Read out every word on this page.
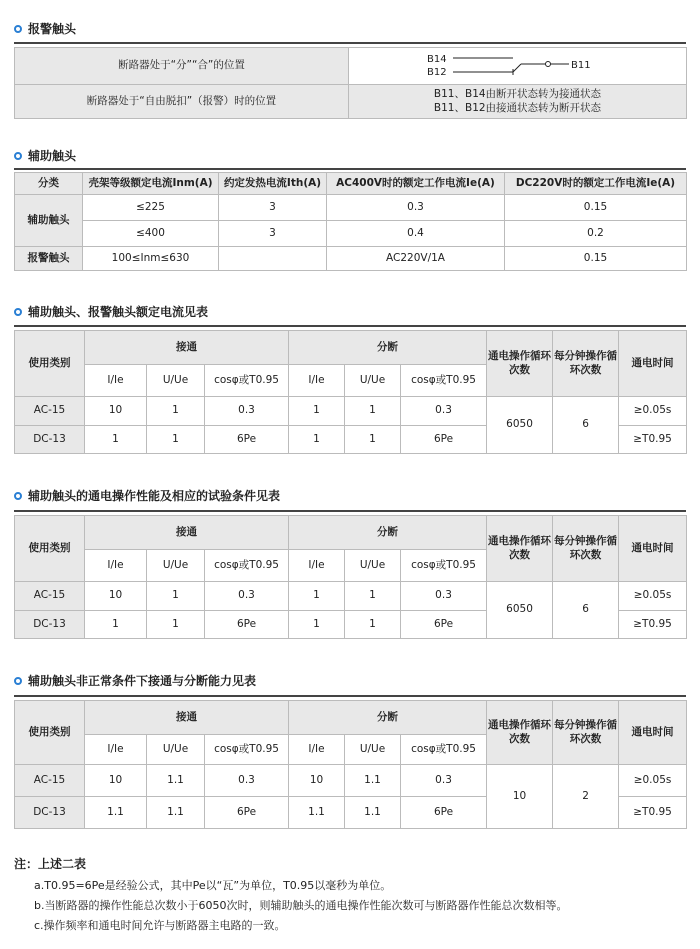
报警触头
断路器处于“分”“合”的位置	B14
B12
B11

断路器处于“自由脱扣”（报警）时的位置	B11、B14由断开状态转为接通状态
B11、B12由接通状态转为断开状态
辅助触头
分类	壳架等级额定电流Inm(A)	约定发热电流Ith(A)	AC400V时的额定工作电流Ie(A)	DC220V时的额定工作电流Ie(A)
辅助触头	≤225	3	0.3	0.15
	≤400	3	0.4	0.2
报警触头	100≤Inm≤630		AC220V/1A	0.15
辅助触头、报警触头额定电流见表
使用类别	接通			分断			通电操作循环次数	每分钟操作循环次数	通电时间
	I/Ie	U/Ue	cosφ或T0.95	I/Ie	U/Ue	cosφ或T0.95			
AC-15	10	1	0.3	1	1	0.3	6050	6	≥0.05s
DC-13	1	1	6Pe	1	1	6Pe			≥T0.95
辅助触头的通电操作性能及相应的试验条件见表
使用类别	接通			分断			通电操作循环次数	每分钟操作循环次数	通电时间
	I/Ie	U/Ue	cosφ或T0.95	I/Ie	U/Ue	cosφ或T0.95			
AC-15	10	1	0.3	1	1	0.3	6050	6	≥0.05s
DC-13	1	1	6Pe	1	1	6Pe			≥T0.95
辅助触头非正常条件下接通与分断能力见表
使用类别	接通			分断			通电操作循环次数	每分钟操作循环次数	通电时间
	I/Ie	U/Ue	cosφ或T0.95	I/Ie	U/Ue	cosφ或T0.95			
AC-15	10	1.1	0.3	10	1.1	0.3	10	2	≥0.05s
DC-13	1.1	1.1	6Pe	1.1	1.1	6Pe			≥T0.95
注：上述二表
a.T0.95=6Pe是经验公式，其中Pe以“瓦”为单位，T0.95以毫秒为单位。
b.当断路器的操作性能总次数小于6050次时，则辅助触头的通电操作性能次数可与断路器作性能总次数相等。
c.操作频率和通电时间允许与断路器主电路的一致。
